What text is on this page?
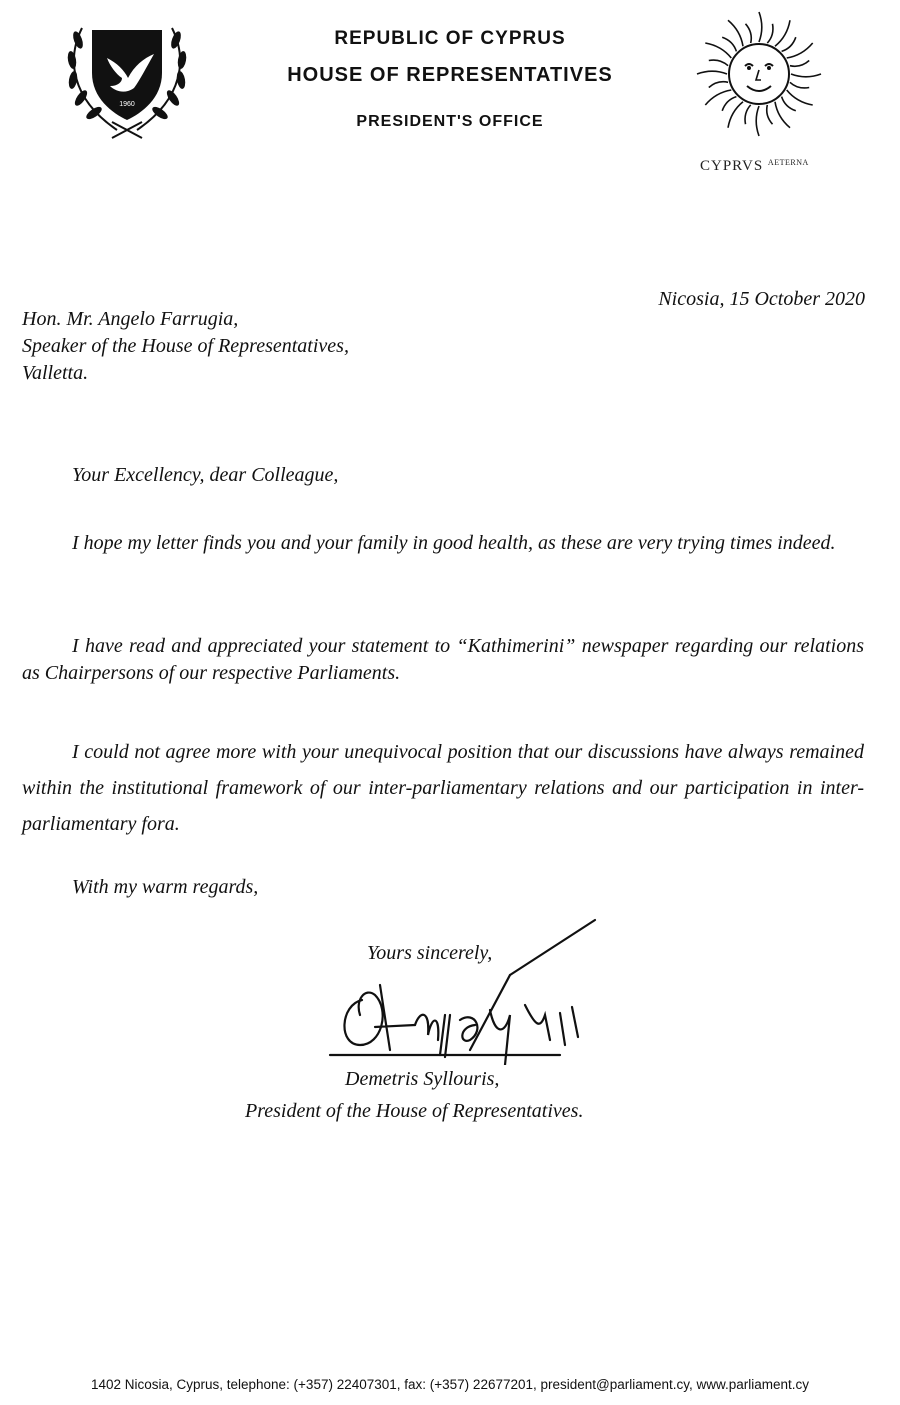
1960
REPUBLIC OF CYPRUS
HOUSE OF REPRESENTATIVES
PRESIDENT'S OFFICE
CYPRVS $^{AETERNA}$
Nicosia, 15 October 2020
Hon. Mr. Angelo Farrugia,
Speaker of the House of Representatives,
Valletta.
Your Excellency, dear Colleague,
I hope my letter finds you and your family in good health, as these are very trying times indeed.
I have read and appreciated your statement to “Kathimerini” newspaper regarding our relations as Chairpersons of our respective Parliaments.
I could not agree more with your unequivocal position that our discussions have always remained within the institutional framework of our inter-parliamentary relations and our participation in inter-parliamentary fora.
With my warm regards,
Yours sincerely,
Demetris Syllouris,
President of the House of Representatives.
1402 Nicosia, Cyprus, telephone: (+357) 22407301, fax: (+357) 22677201, president@parliament.cy, www.parliament.cy
